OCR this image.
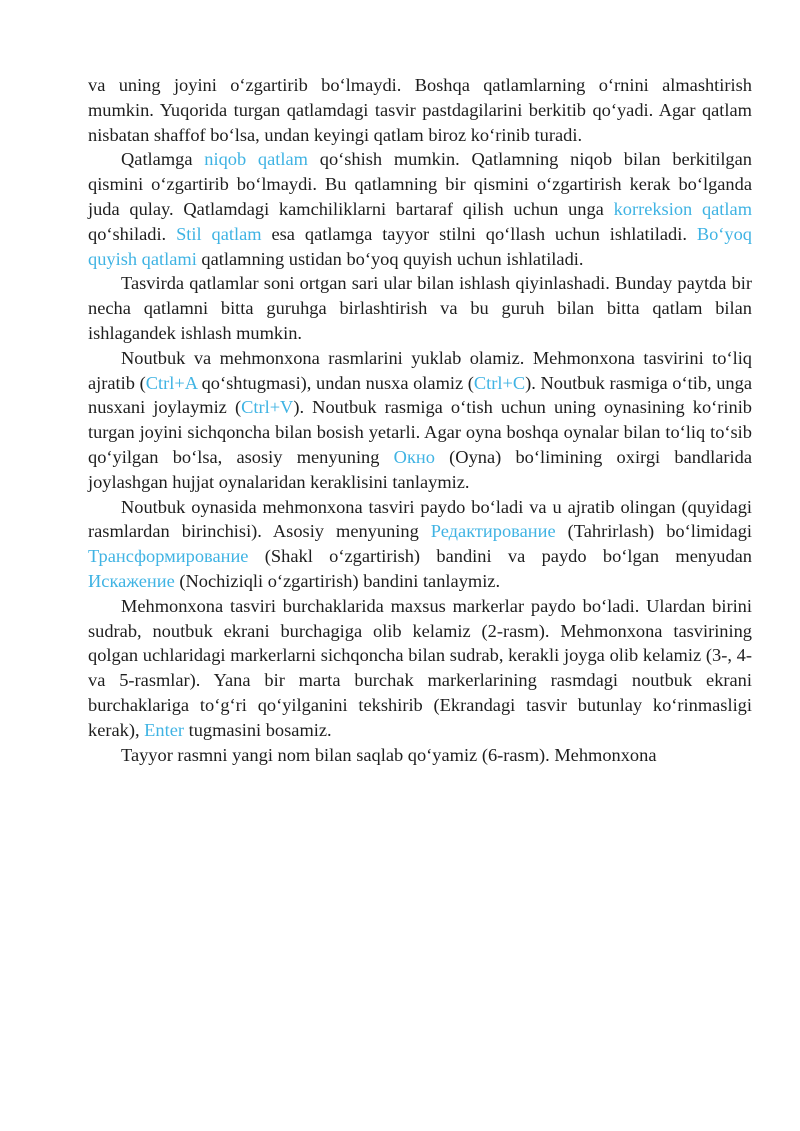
va uning joyini o‘zgartirib bo‘lmaydi. Boshqa qatlamlarning o‘rnini almashtirish mumkin. Yuqorida turgan qatlamdagi tasvir pastdagilarini berkitib qo‘yadi. Agar qatlam nisbatan shaffof bo‘lsa, undan keyingi qatlam biroz ko‘rinib turadi.

Qatlamga niqob qatlam qo‘shish mumkin. Qatlamning niqob bilan berkitilgan qismini o‘zgartirib bo‘lmaydi. Bu qatlamning bir qismini o‘zgartirish kerak bo‘lganda juda qulay. Qatlamdagi kamchiliklarni bartaraf qilish uchun unga korreksion qatlam qo‘shiladi. Stil qatlam esa qatlamga tayyor stilni qo‘llash uchun ishlatiladi. Bo‘yoq quyish qatlami qatlamning ustidan bo‘yoq quyish uchun ishlatiladi.

Tasvirda qatlamlar soni ortgan sari ular bilan ishlash qiyinlashadi. Bunday paytda bir necha qatlamni bitta guruhga birlashtirish va bu guruh bilan bitta qatlam bilan ishlagandek ishlash mumkin.

Noutbuk va mehmonxona rasmlarini yuklab olamiz. Mehmonxona tasvirini to‘liq ajratib (Ctrl+A qo‘shtugmasi), undan nusxa olamiz (Ctrl+C). Noutbuk rasmiga o‘tib, unga nusxani joylaymiz (Ctrl+V). Noutbuk rasmiga o‘tish uchun uning oynasining ko‘rinib turgan joyini sichqoncha bilan bosish yetarli. Agar oyna boshqa oynalar bilan to‘liq to‘sib qo‘yilgan bo‘lsa, asosiy menyuning Окно (Oyna) bo‘limining oxirgi bandlarida joylashgan hujjat oynalaridan keraklisini tanlaymiz.

Noutbuk oynasida mehmonxona tasviri paydo bo‘ladi va u ajratib olingan (quyidagi rasmlardan birinchisi). Asosiy menyuning Редактирование (Tahrirlash) bo‘limidagi Трансформирование (Shakl o‘zgartirish) bandini va paydo bo‘lgan menyudan Искажение (Nochiziqli o‘zgartirish) bandini tanlaymiz.

Mehmonxona tasviri burchaklarida maxsus markerlar paydo bo‘ladi. Ulardan birini sudrab, noutbuk ekrani burchagiga olib kelamiz (2-rasm). Mehmonxona tasvirining qolgan uchlaridagi markerlarni sichqoncha bilan sudrab, kerakli joyga olib kelamiz (3-, 4-va 5-rasmlar). Yana bir marta burchak markerlarining rasmdagi noutbuk ekrani burchaklariga to‘g‘ri qo‘yilganini tekshirib (Ekrandagi tasvir butunlay ko‘rinmasligi kerak), Enter tugmasini bosamiz.

Tayyor rasmni yangi nom bilan saqlab qo‘yamiz (6-rasm). Mehmonxona
